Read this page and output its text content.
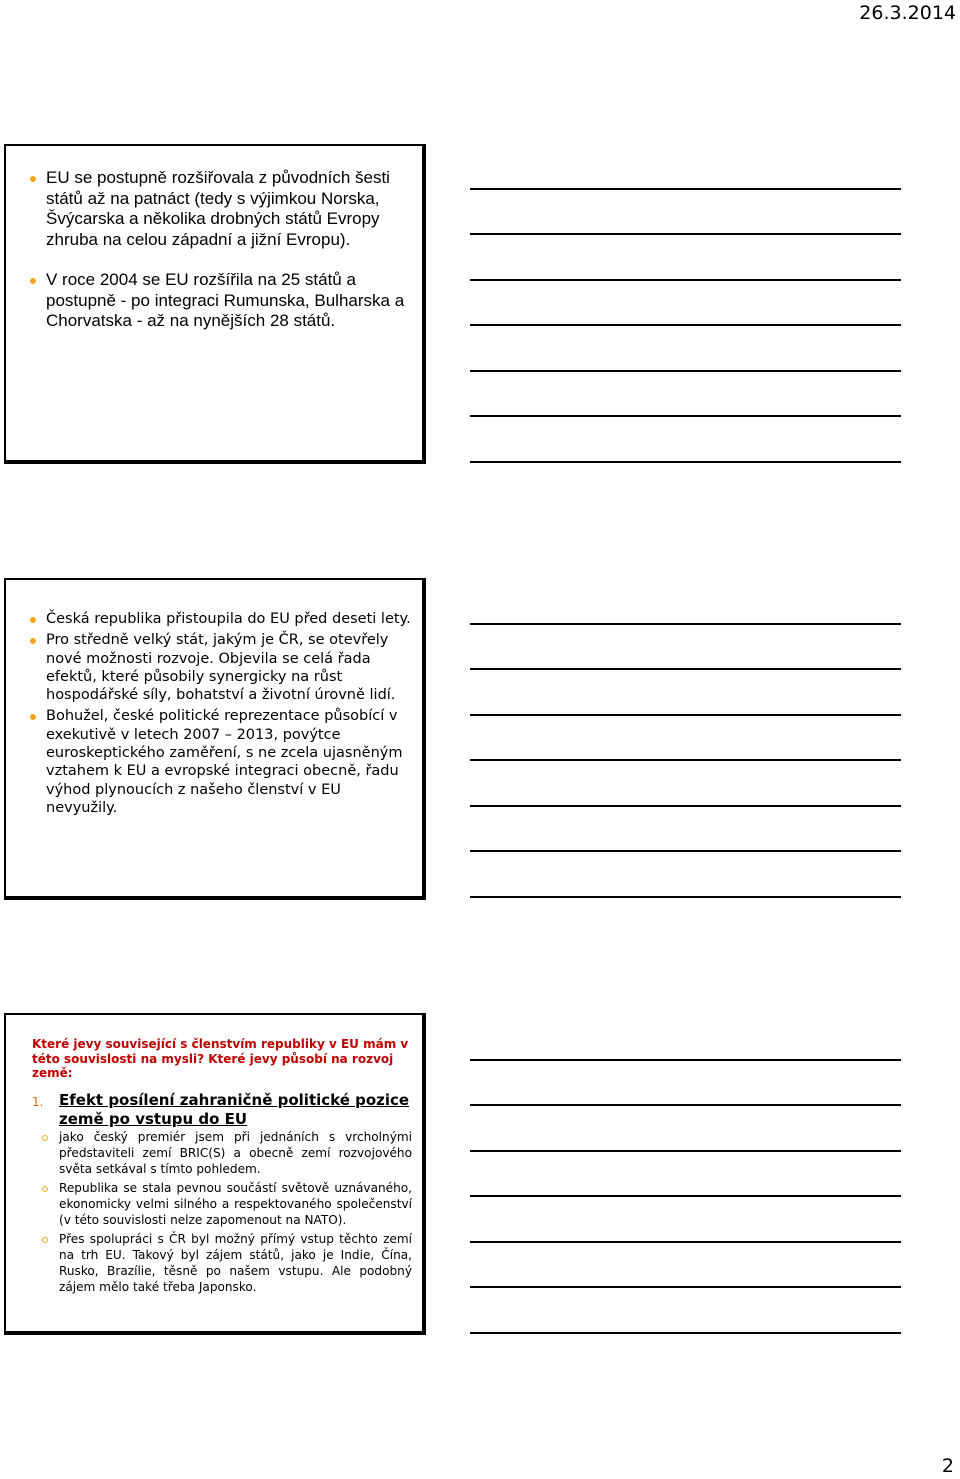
26.3.2014
EU se postupně rozšiřovala z původních šesti států až na patnáct (tedy s výjimkou Norska, Švýcarska a několika drobných států Evropy zhruba na celou západní a jižní Evropu).
V roce 2004 se EU rozšířila na 25 států a postupně - po integraci Rumunska, Bulharska a Chorvatska - až na nynějších 28 států.
Česká republika přistoupila do EU před deseti lety.
Pro středně velký stát, jakým je ČR, se otevřely nové možnosti rozvoje. Objevila se celá řada efektů, které působily synergicky na růst hospodářské síly, bohatství a životní úrovně lidí.
Bohužel, české politické reprezentace působící v exekutivě v letech 2007 – 2013, povýtce euroskeptického zaměření, s ne zcela ujasněným vztahem k EU a evropské integraci obecně, řadu výhod plynoucích z našeho členství v EU nevyužily.
Které jevy související s členstvím republiky v EU mám v této souvislosti na mysli? Které jevy působí na rozvoj země:
1.	Efekt posílení zahraničně politické pozice země po vstupu do EU
jako český premiér jsem při jednáních s vrcholnými představiteli zemí BRIC(S) a obecně zemí rozvojového světa setkával s tímto pohledem.
Republika se stala pevnou součástí světově uznávaného, ekonomicky velmi silného a respektovaného společenství (v této souvislosti nelze zapomenout na NATO).
Přes spolupráci s ČR byl možný přímý vstup těchto zemí na trh EU. Takový byl zájem států, jako je Indie, Čína, Rusko, Brazílie, těsně po našem vstupu. Ale podobný zájem mělo také třeba Japonsko.
2
